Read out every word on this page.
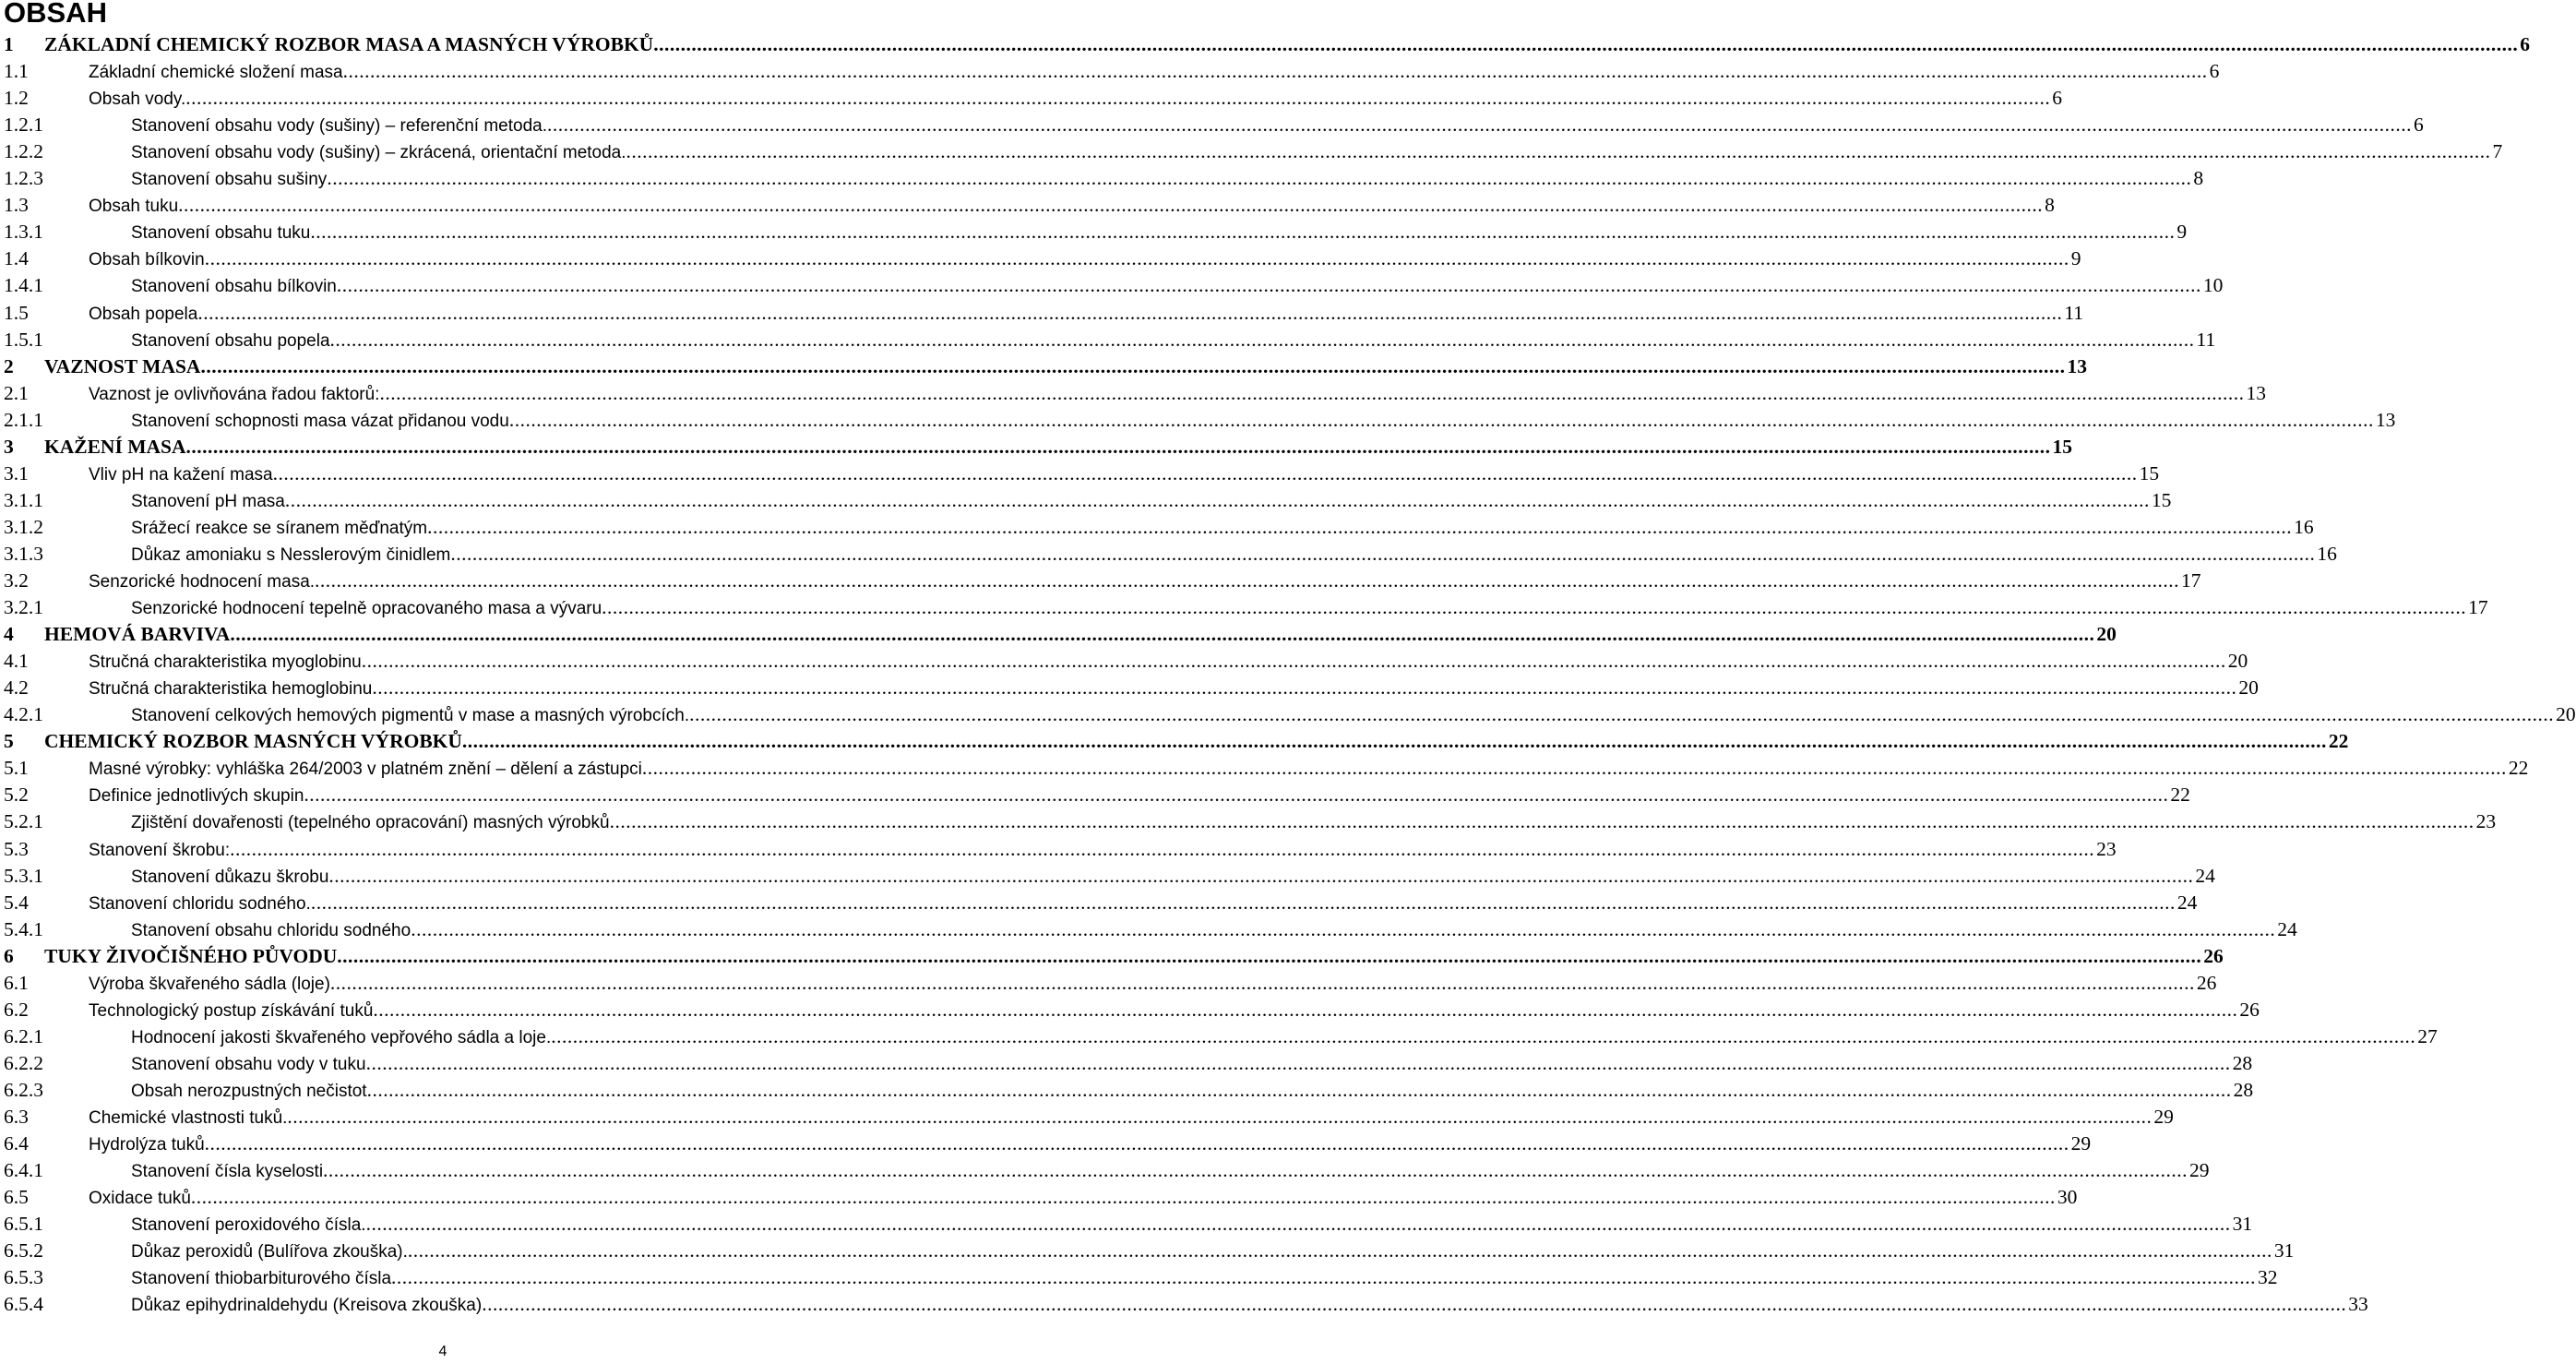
OBSAH
1	ZÁKLADNÍ CHEMICKÝ ROZBOR MASA A MASNÝCH VÝROBKŮ .....	6
1.1	Základní chemické složení masa .....	6
1.2	Obsah vody. .....	6
1.2.1	Stanovení obsahu vody (sušiny) – referenční metoda. .....	6
1.2.2	Stanovení obsahu vody (sušiny) – zkrácená, orientační metoda. .....	7
1.2.3	Stanovení obsahu sušiny .....	8
1.3	Obsah tuku .....	8
1.3.1	Stanovení obsahu tuku .....	9
1.4	Obsah bílkovin .....	9
1.4.1	Stanovení obsahu bílkovin .....	10
1.5	Obsah popela .....	11
1.5.1	Stanovení obsahu popela .....	11
2	VAZNOST MASA .....	13
2.1	Vaznost je ovlivňována řadou faktorů: .....	13
2.1.1	Stanovení schopnosti masa vázat přidanou vodu .....	13
3	KAŽENÍ MASA .....	15
3.1	Vliv pH na kažení masa .....	15
3.1.1	Stanovení pH masa .....	15
3.1.2	Srážecí reakce se síranem měďnatým .....	16
3.1.3	Důkaz amoniaku s Nesslerovým činidlem .....	16
3.2	Senzorické hodnocení masa. .....	17
3.2.1	Senzorické hodnocení tepelně opracovaného masa a vývaru .....	17
4	HEMOVÁ BARVIVA .....	20
4.1	Stručná charakteristika myoglobinu .....	20
4.2	Stručná charakteristika hemoglobinu .....	20
4.2.1	Stanovení celkových hemových pigmentů v mase a masných výrobcích. .....	20
5	CHEMICKÝ ROZBOR MASNÝCH VÝROBKŮ .....	22
5.1	Masné výrobky: vyhláška 264/2003 v platném znění – dělení a zástupci .....	22
5.2	Definice jednotlivých skupin .....	22
5.2.1	Zjištění dovařenosti (tepelného opracování) masných výrobků .....	23
5.3	Stanovení škrobu: .....	23
5.3.1	Stanovení důkazu škrobu .....	24
5.4	Stanovení chloridu sodného. .....	24
5.4.1	Stanovení obsahu chloridu sodného .....	24
6	TUKY ŽIVOČIŠNÉHO PŮVODU .....	26
6.1	Výroba škvařeného sádla (loje) .....	26
6.2	Technologický postup získávání tuků .....	26
6.2.1	Hodnocení jakosti škvařeného vepřového sádla a loje. .....	27
6.2.2	Stanovení obsahu vody v tuku .....	28
6.2.3	Obsah nerozpustných nečistot .....	28
6.3	Chemické vlastnosti tuků. .....	29
6.4	Hydrolýza tuků .....	29
6.4.1	Stanovení čísla kyselosti .....	29
6.5	Oxidace tuků .....	30
6.5.1	Stanovení peroxidového čísla. .....	31
6.5.2	Důkaz peroxidů (Bulířova zkouška). .....	31
6.5.3	Stanovení thiobarbiturového čísla .....	32
6.5.4	Důkaz epihydrinaldehydu (Kreisova zkouška) .....	33
4
